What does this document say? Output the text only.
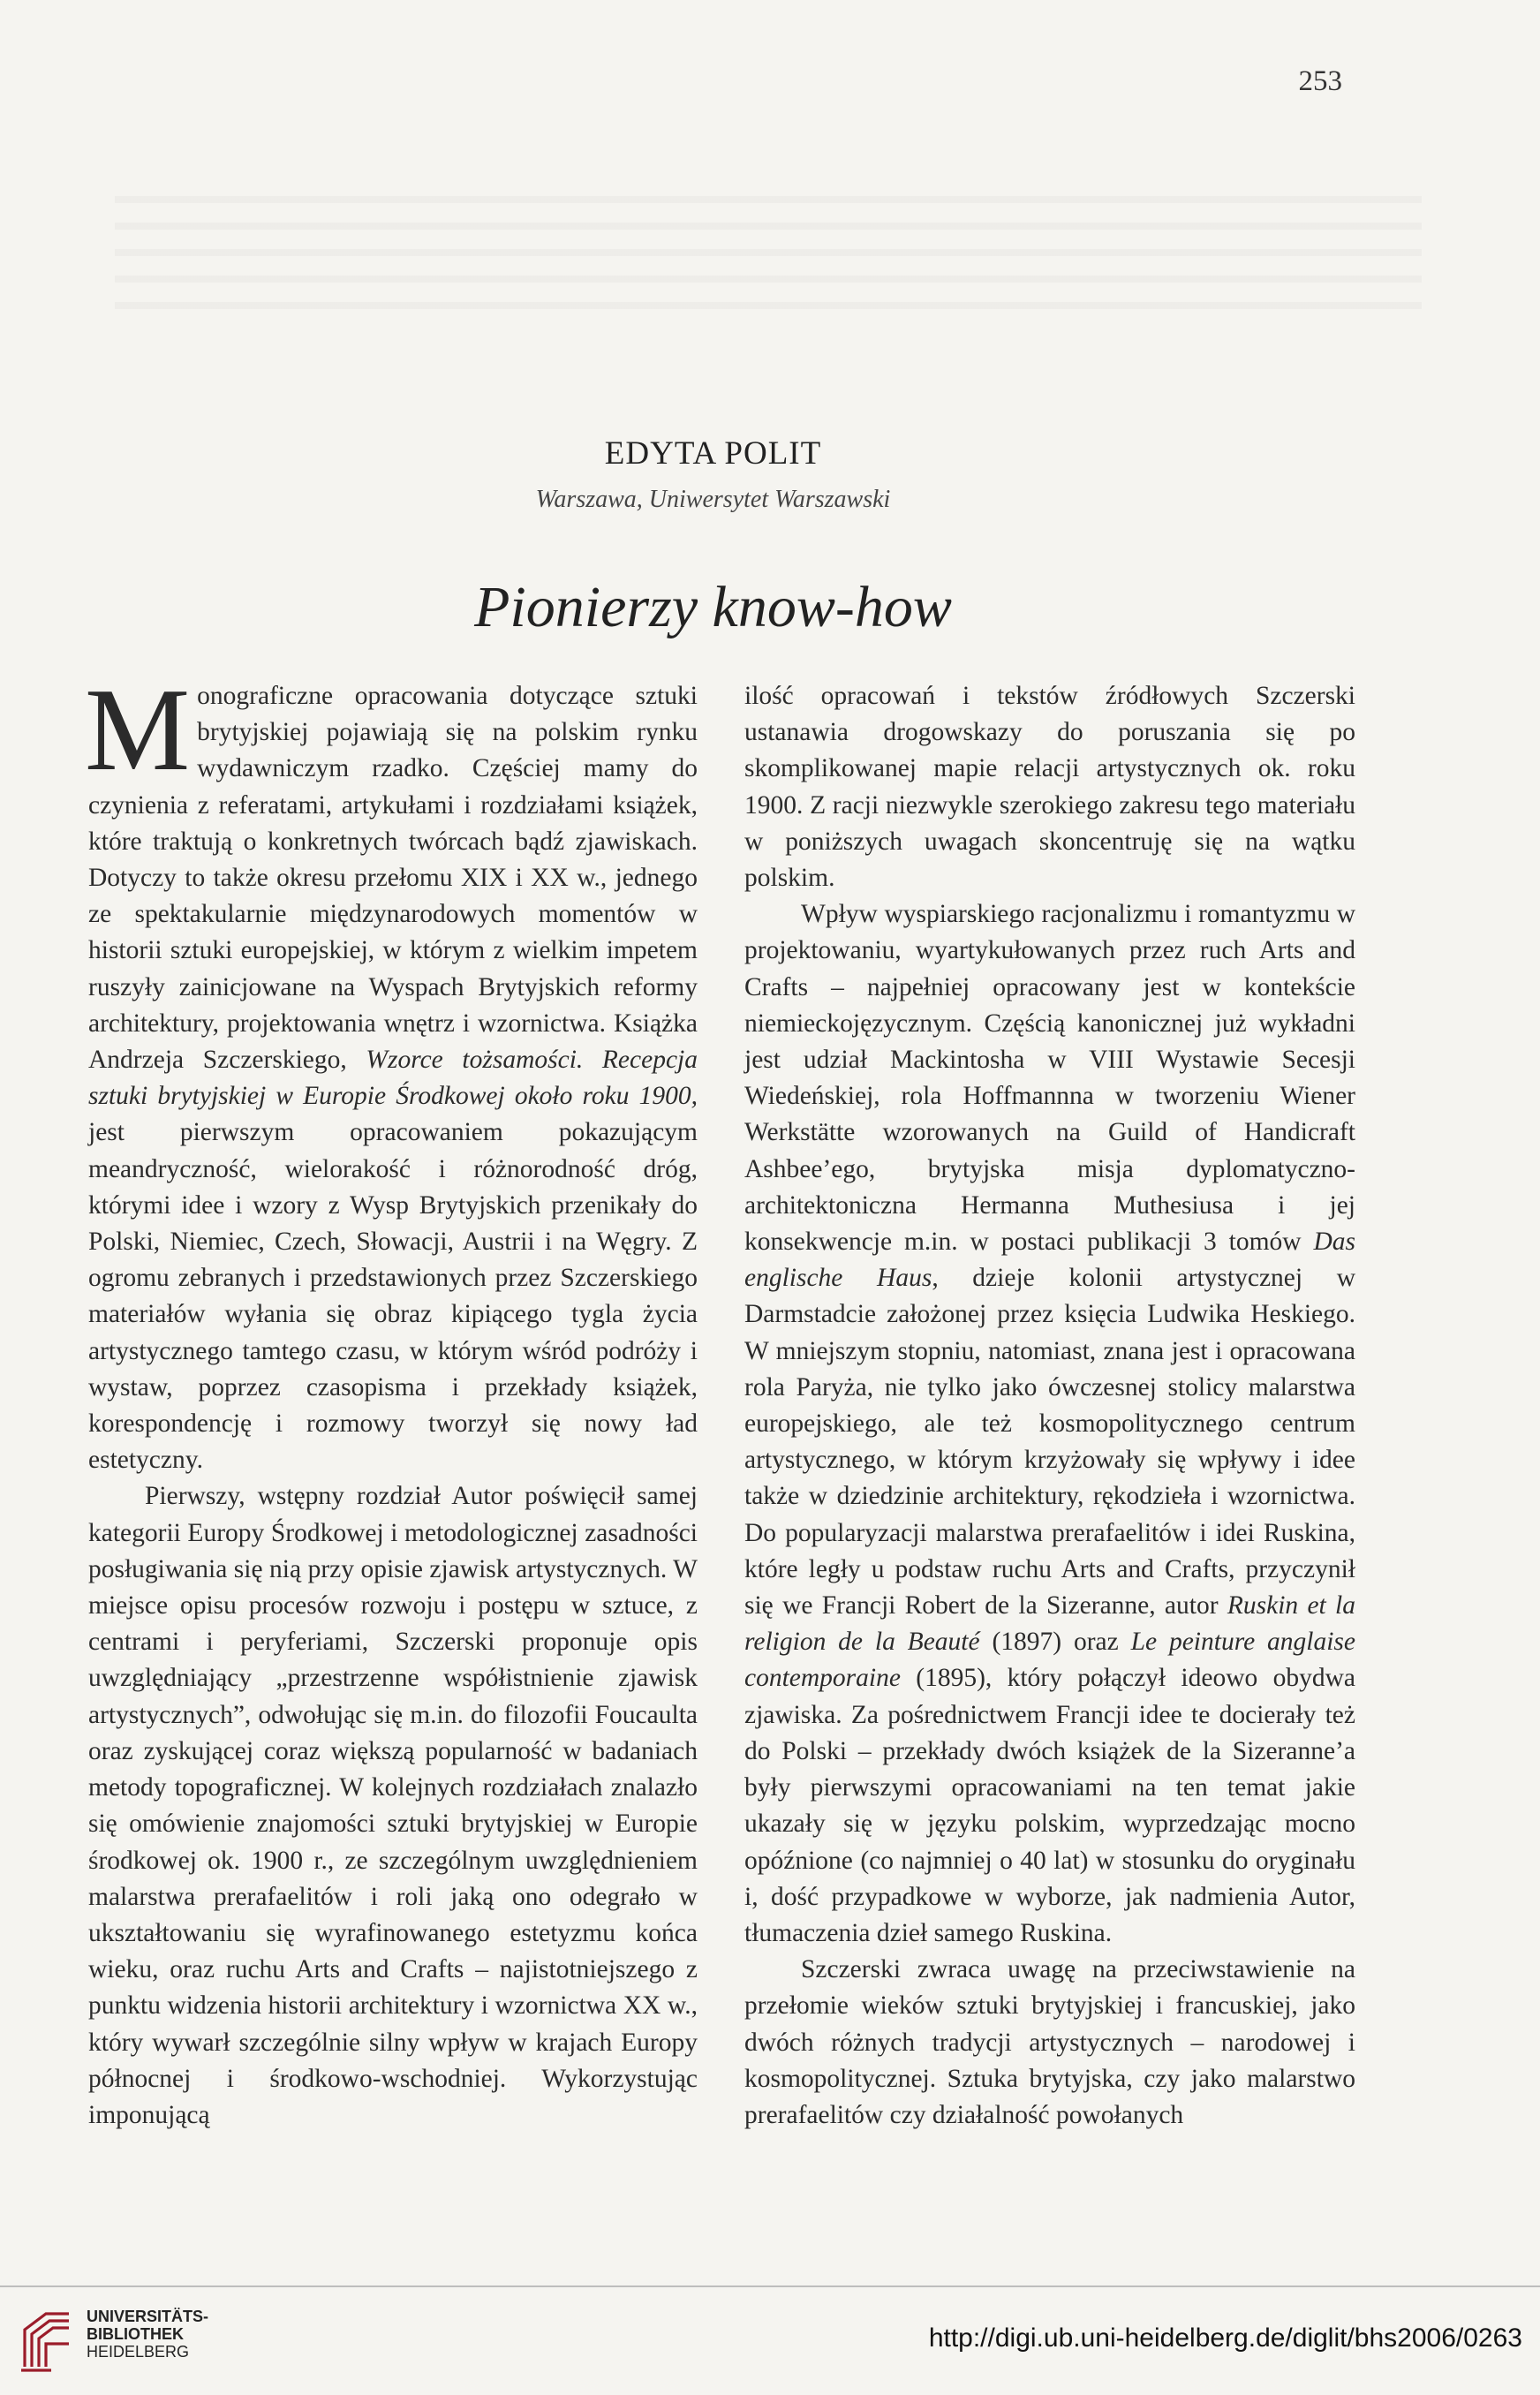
253
EDYTA POLIT
Warszawa, Uniwersytet Warszawski
Pionierzy know-how

Monograficzne opracowania dotyczące sztuki brytyjskiej pojawiają się na polskim rynku wydawniczym rzadko. Częściej mamy do czynienia z referatami, artykułami i rozdziałami książek, które traktują o konkretnych twórcach bądź zjawiskach. Dotyczy to także okresu przełomu XIX i XX w., jednego ze spektakularnie międzynarodowych momentów w historii sztuki europejskiej, w którym z wielkim impetem ruszyły zainicjowane na Wyspach Brytyjskich reformy architektury, projektowania wnętrz i wzornictwa. Książka Andrzeja Szczerskiego, Wzorce tożsamości. Recepcja sztuki brytyjskiej w Europie Środkowej około roku 1900, jest pierwszym opracowaniem pokazującym meandryczność, wielorakość i różnorodność dróg, którymi idee i wzory z Wysp Brytyjskich przenikały do Polski, Niemiec, Czech, Słowacji, Austrii i na Węgry. Z ogromu zebranych i przedstawionych przez Szczerskiego materiałów wyłania się obraz kipiącego tygla życia artystycznego tamtego czasu, w którym wśród podróży i wystaw, poprzez czasopisma i przekłady książek, korespondencję i rozmowy tworzył się nowy ład estetyczny.

Pierwszy, wstępny rozdział Autor poświęcił samej kategorii Europy Środkowej i metodologicznej zasadności posługiwania się nią przy opisie zjawisk artystycznych. W miejsce opisu procesów rozwoju i postępu w sztuce, z centrami i peryferiami, Szczerski proponuje opis uwzględniający „przestrzenne współistnienie zjawisk artystycznych”, odwołując się m.in. do filozofii Foucaulta oraz zyskującej coraz większą popularność w badaniach metody topograficznej. W kolejnych rozdziałach znalazło się omówienie znajomości sztuki brytyjskiej w Europie środkowej ok. 1900 r., ze szczególnym uwzględnieniem malarstwa prerafaelitów i roli jaką ono odegrało w ukształtowaniu się wyrafinowanego estetyzmu końca wieku, oraz ruchu Arts and Crafts – najistotniejszego z punktu widzenia historii architektury i wzornictwa XX w., który wywarł szczególnie silny wpływ w krajach Europy północnej i środkowo-wschodniej. Wykorzystując imponującą

ilość opracowań i tekstów źródłowych Szczerski ustanawia drogowskazy do poruszania się po skomplikowanej mapie relacji artystycznych ok. roku 1900. Z racji niezwykle szerokiego zakresu tego materiału w poniższych uwagach skoncentruję się na wątku polskim.

Wpływ wyspiarskiego racjonalizmu i romantyzmu w projektowaniu, wyartykułowanych przez ruch Arts and Crafts – najpełniej opracowany jest w kontekście niemieckojęzycznym. Częścią kanonicznej już wykładni jest udział Mackintosha w VIII Wystawie Secesji Wiedeńskiej, rola Hoffmannna w tworzeniu Wiener Werkstätte wzorowanych na Guild of Handicraft Ashbee’ego, brytyjska misja dyplomatyczno-architektoniczna Hermanna Muthesiusa i jej konsekwencje m.in. w postaci publikacji 3 tomów Das englische Haus, dzieje kolonii artystycznej w Darmstadcie założonej przez księcia Ludwika Heskiego. W mniejszym stopniu, natomiast, znana jest i opracowana rola Paryża, nie tylko jako ówczesnej stolicy malarstwa europejskiego, ale też kosmopolitycznego centrum artystycznego, w którym krzyżowały się wpływy i idee także w dziedzinie architektury, rękodzieła i wzornictwa. Do popularyzacji malarstwa prerafaelitów i idei Ruskina, które legły u podstaw ruchu Arts and Crafts, przyczynił się we Francji Robert de la Sizeranne, autor Ruskin et la religion de la Beauté (1897) oraz Le peinture anglaise contemporaine (1895), który połączył ideowo obydwa zjawiska. Za pośrednictwem Francji idee te docierały też do Polski – przekłady dwóch książek de la Sizeranne’a były pierwszymi opracowaniami na ten temat jakie ukazały się w języku polskim, wyprzedzając mocno opóźnione (co najmniej o 40 lat) w stosunku do oryginału i, dość przypadkowe w wyborze, jak nadmienia Autor, tłumaczenia dzieł samego Ruskina.

Szczerski zwraca uwagę na przeciwstawienie na przełomie wieków sztuki brytyjskiej i francuskiej, jako dwóch różnych tradycji artystycznych – narodowej i kosmopolitycznej. Sztuka brytyjska, czy jako malarstwo prerafaelitów czy działalność powołanych

UNIVERSITÄTS-
BIBLIOTHEK
HEIDELBERG	http://digi.ub.uni-heidelberg.de/diglit/bhs2006/0263
